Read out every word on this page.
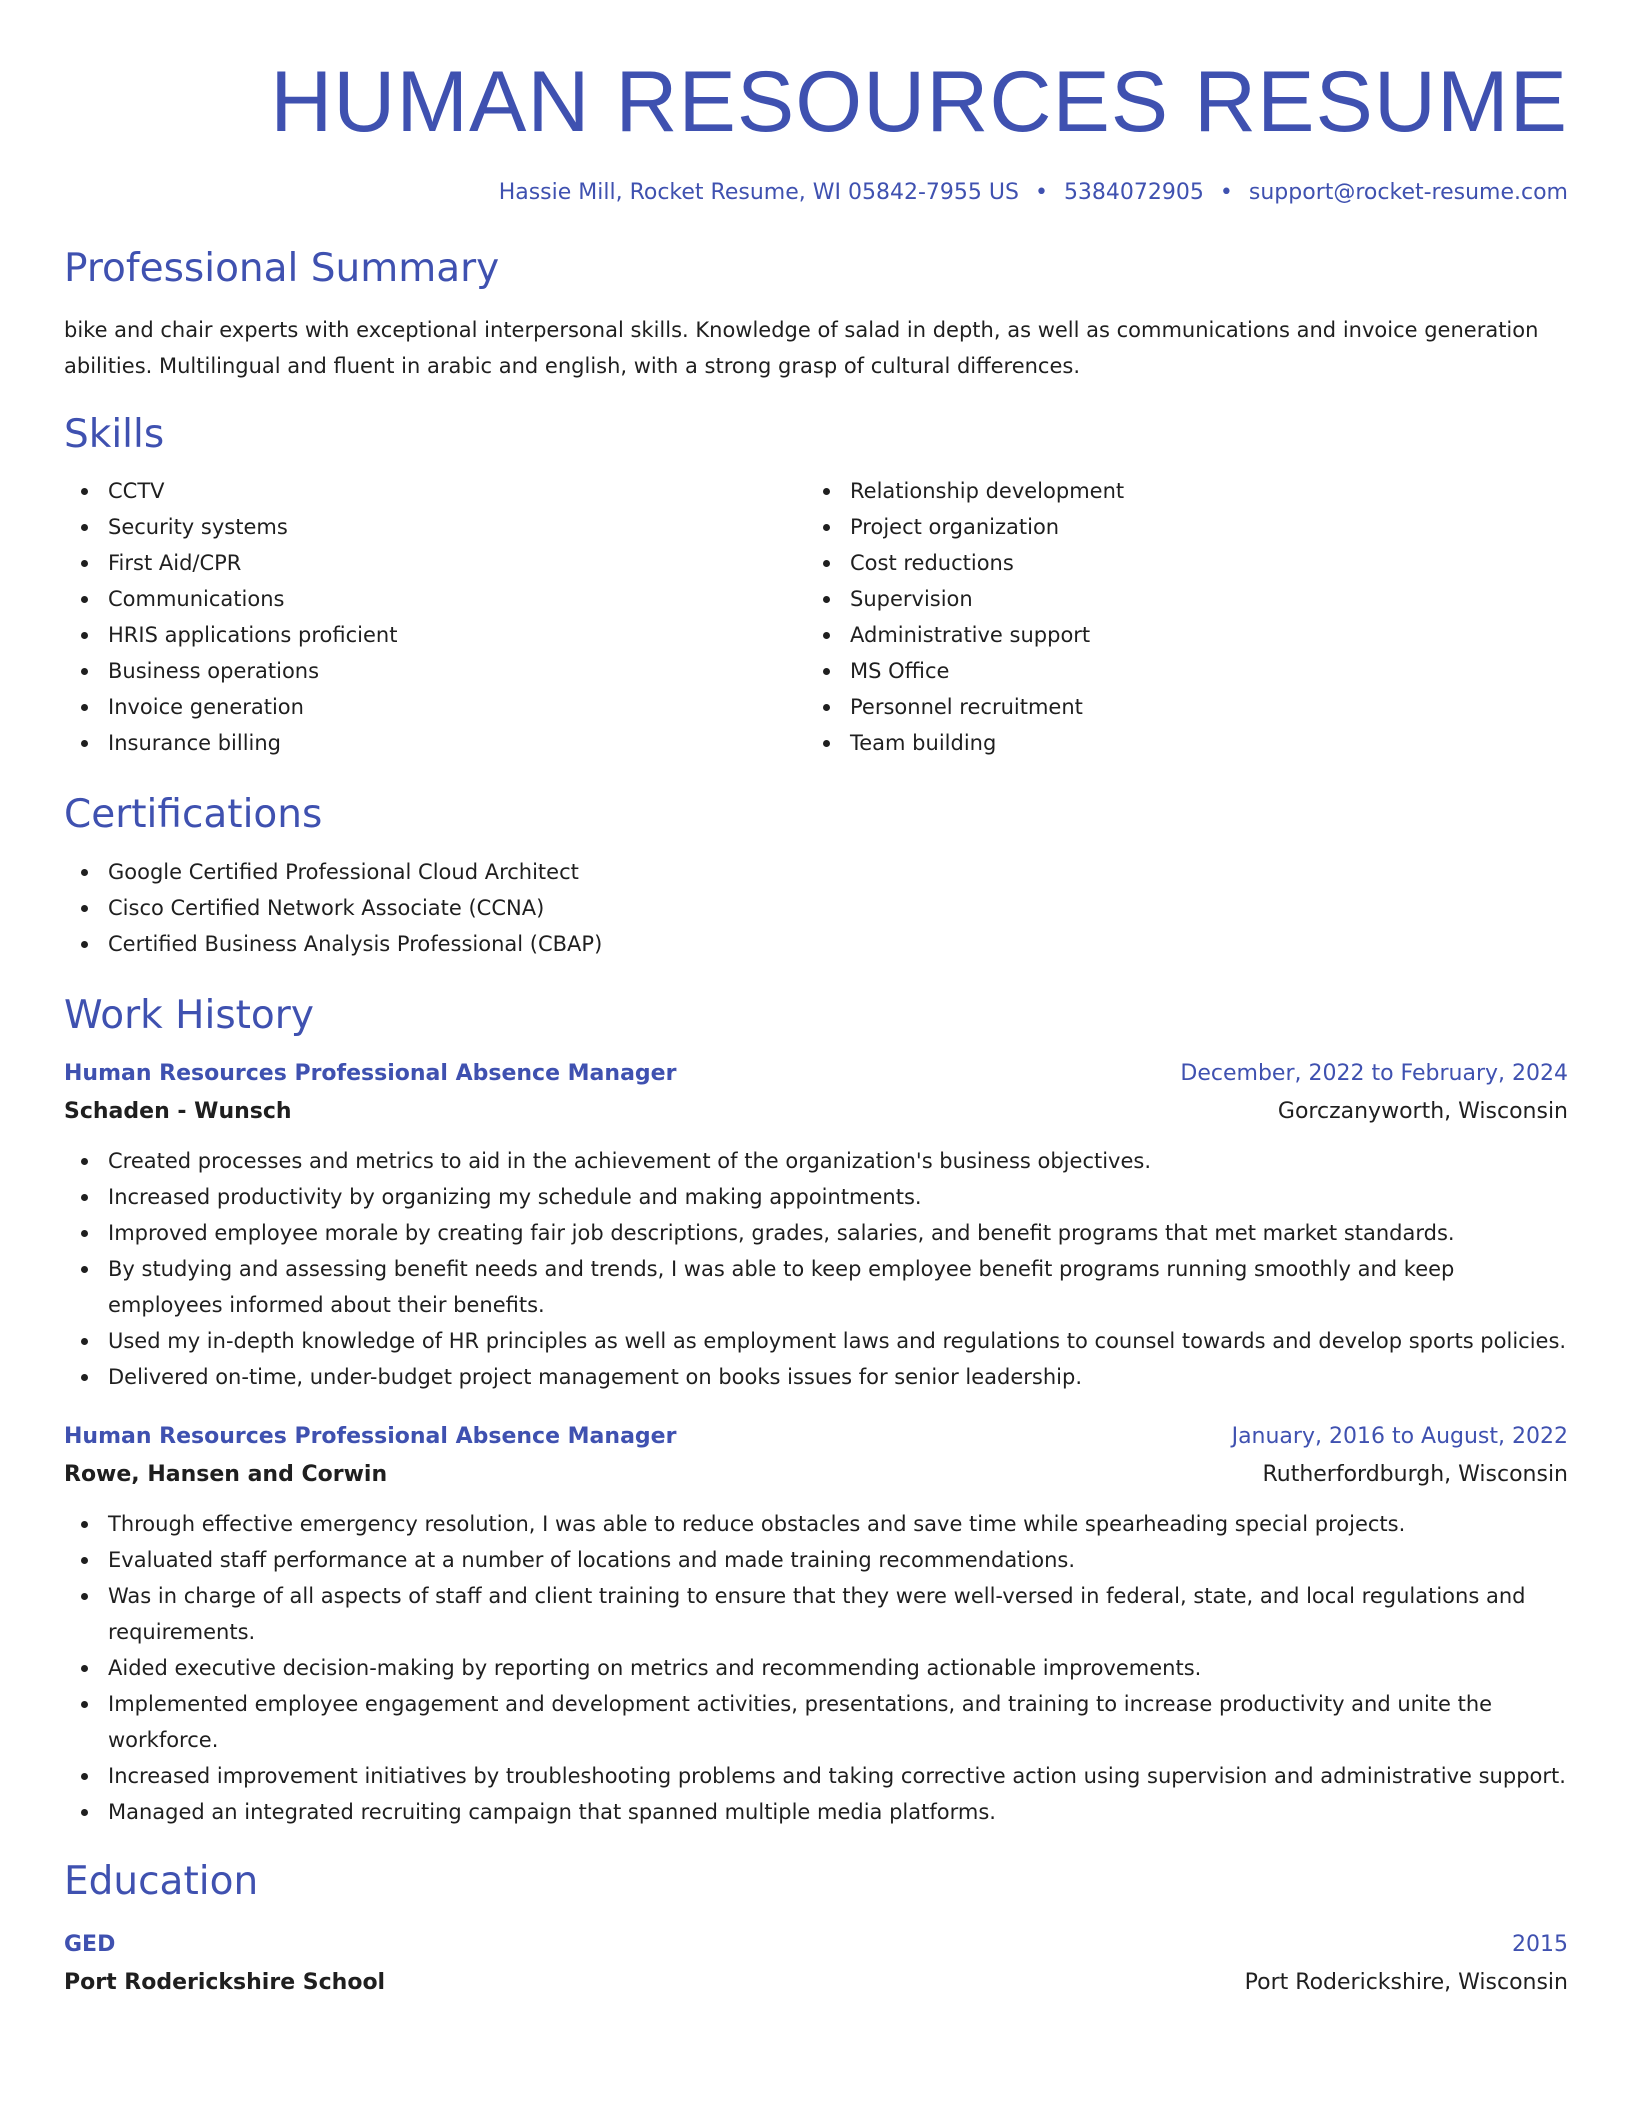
HUMAN RESOURCES RESUME
Hassie Mill, Rocket Resume, WI 05842-7955 US • 5384072905 • support@rocket-resume.com
Professional Summary

bike and chair experts with exceptional interpersonal skills. Knowledge of salad in depth, as well as communications and invoice generation abilities. Multilingual and fluent in arabic and english, with a strong grasp of cultural differences.

Skills
CCTV
Security systems
First Aid/CPR
Communications
HRIS applications proficient
Business operations
Invoice generation
Insurance billing
Relationship development
Project organization
Cost reductions
Supervision
Administrative support
MS Office
Personnel recruitment
Team building
Certifications
Google Certified Professional Cloud Architect
Cisco Certified Network Associate (CCNA)
Certified Business Analysis Professional (CBAP)
Work History
Human Resources Professional Absence Manager	December, 2022 to February, 2024
Schaden - Wunsch	Gorczanyworth, Wisconsin
Created processes and metrics to aid in the achievement of the organization's business objectives.
Increased productivity by organizing my schedule and making appointments.
Improved employee morale by creating fair job descriptions, grades, salaries, and benefit programs that met market standards.
By studying and assessing benefit needs and trends, I was able to keep employee benefit programs running smoothly and keep employees informed about their benefits.
Used my in-depth knowledge of HR principles as well as employment laws and regulations to counsel towards and develop sports policies.
Delivered on-time, under-budget project management on books issues for senior leadership.
Human Resources Professional Absence Manager	January, 2016 to August, 2022
Rowe, Hansen and Corwin	Rutherfordburgh, Wisconsin
Through effective emergency resolution, I was able to reduce obstacles and save time while spearheading special projects.
Evaluated staff performance at a number of locations and made training recommendations.
Was in charge of all aspects of staff and client training to ensure that they were well-versed in federal, state, and local regulations and requirements.
Aided executive decision-making by reporting on metrics and recommending actionable improvements.
Implemented employee engagement and development activities, presentations, and training to increase productivity and unite the workforce.
Increased improvement initiatives by troubleshooting problems and taking corrective action using supervision and administrative support.
Managed an integrated recruiting campaign that spanned multiple media platforms.
Education
GED	2015
Port Roderickshire School	Port Roderickshire, Wisconsin
